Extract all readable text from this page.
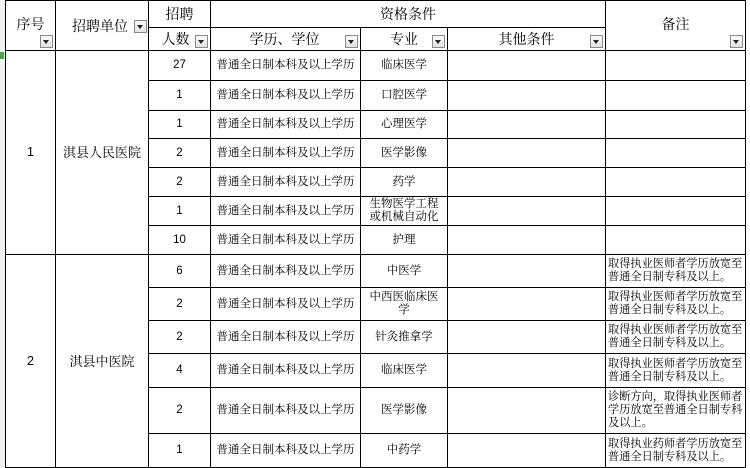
序号	招聘单位	招聘	资格条件			备注

		人数	学历、学位	专业	其他条件	

1	淇县人民医院	27	普通全日制本科及以上学历	临床医学		
		1	普通全日制本科及以上学历	口腔医学		
		1	普通全日制本科及以上学历	心理医学		
		2	普通全日制本科及以上学历	医学影像		
		2	普通全日制本科及以上学历	药学		
		1	普通全日制本科及以上学历	生物医学工程或机械自动化		
		10	普通全日制本科及以上学历	护理		
2	淇县中医院	6	普通全日制本科及以上学历	中医学		取得执业医师者学历放宽至普通全日制专科及以上。
		2	普通全日制本科及以上学历	中西医临床医学		取得执业医师者学历放宽至普通全日制专科及以上。
		2	普通全日制本科及以上学历	针灸推拿学		取得执业医师者学历放宽至普通全日制专科及以上。
		4	普通全日制本科及以上学历	临床医学		取得执业医师者学历放宽至普通全日制专科及以上。
		2	普通全日制本科及以上学历	医学影像		诊断方向，取得执业医师者学历放宽至普通全日制专科及以上。
		1	普通全日制本科及以上学历	中药学		取得执业药师者学历放宽至普通全日制专科及以上。
